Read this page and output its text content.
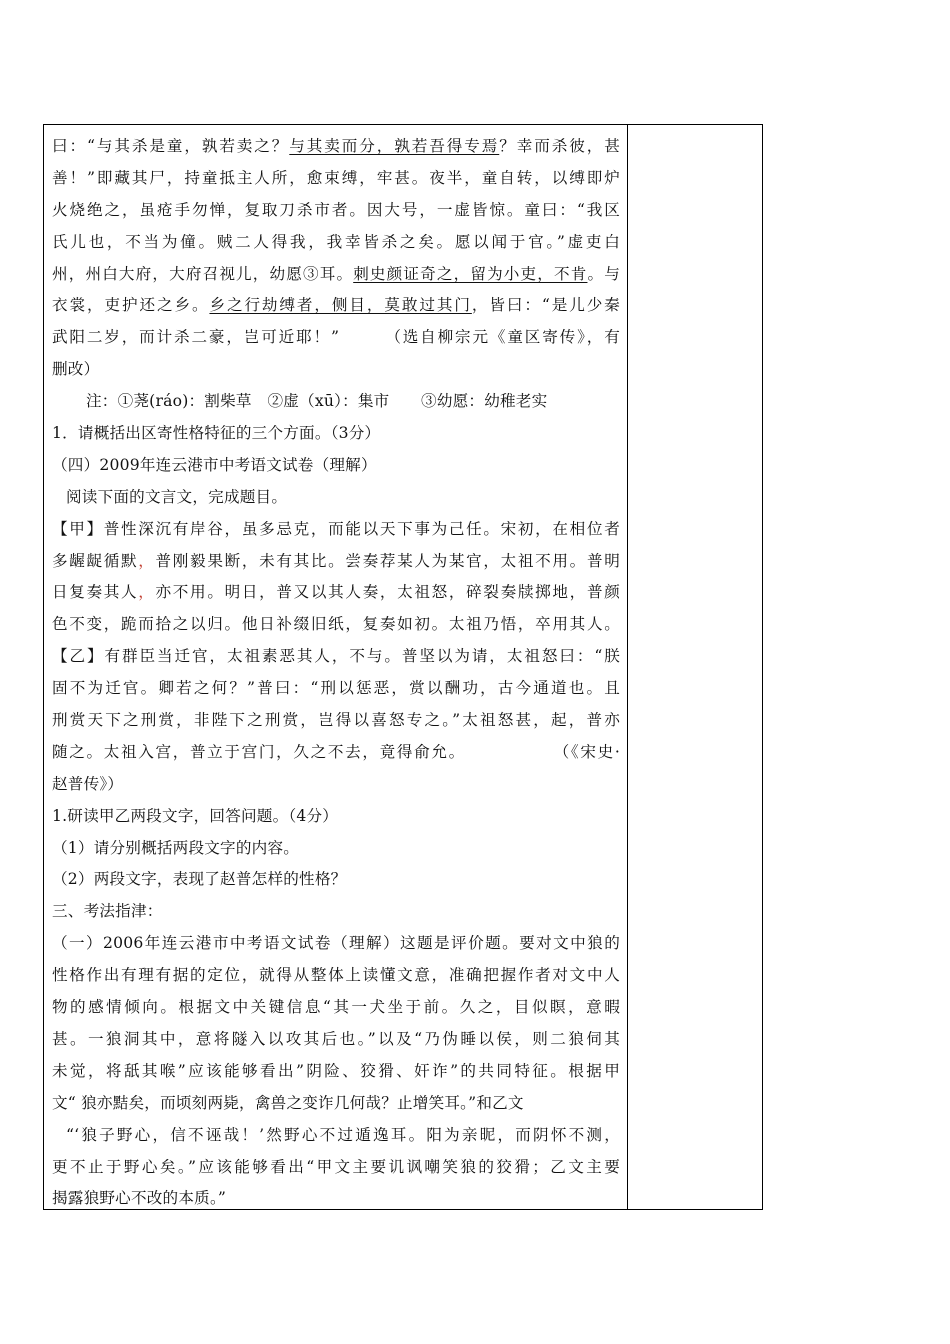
曰：“与其杀是童，孰若卖之？与其卖而分，孰若吾得专焉？幸而杀彼，甚
善！”即藏其尸，持童抵主人所，愈束缚，牢甚。夜半，童自转，以缚即炉
火烧绝之，虽疮手勿惮，复取刀杀市者。因大号，一虚皆惊。童曰：“我区
氏儿也，不当为僮。贼二人得我，我幸皆杀之矣。愿以闻于官。”虚吏白
州，州白大府，大府召视儿，幼愿③耳。刺史颜证奇之，留为小吏，不肯。与
衣裳，吏护还之乡。乡之行劫缚者，侧目，莫敢过其门，皆曰：“是儿少秦
武阳二岁，而计杀二豪，岂可近耶！”　　　（选自柳宗元《童区寄传》，有
删改）
注：①荛(ráo)：割柴草　②虚（xū）：集市　　③幼愿：幼稚老实
1．请概括出区寄性格特征的三个方面。（3分）
（四）2009年连云港市中考语文试卷（理解）
阅读下面的文言文，完成题目。
【甲】普性深沉有岸谷，虽多忌克，而能以天下事为己任。宋初，在相位者
多龌龊循默，普刚毅果断，未有其比。尝奏荐某人为某官，太祖不用。普明
日复奏其人，亦不用。明日，普又以其人奏，太祖怒，碎裂奏牍掷地，普颜
色不变，跪而拾之以归。他日补缀旧纸，复奏如初。太祖乃悟，卒用其人。
【乙】有群臣当迁官，太祖素恶其人，不与。普坚以为请，太祖怒曰：“朕
固不为迁官。卿若之何？”普曰：“刑以惩恶，赏以酬功，古今通道也。且
刑赏天下之刑赏，非陛下之刑赏，岂得以喜怒专之。”太祖怒甚，起，普亦
随之。太祖入宫，普立于宫门，久之不去，竟得俞允。　　　　　　（《宋史·
赵普传》）
1.研读甲乙两段文字，回答问题。（4分）
（1）请分别概括两段文字的内容。
（2）两段文字，表现了赵普怎样的性格？
三、考法指津：
（一）2006年连云港市中考语文试卷（理解）这题是评价题。要对文中狼的
性格作出有理有据的定位，就得从整体上读懂文意，准确把握作者对文中人
物的感情倾向。根据文中关键信息“其一犬坐于前。久之，目似瞑，意暇
甚。一狼洞其中，意将隧入以攻其后也。”以及“乃伪睡以侯，则二狼伺其
未觉，将舐其喉”应该能够看出”阴险、狡猾、奸诈”的共同特征。根据甲
文“ 狼亦黠矣，而顷刻两毙，禽兽之变诈几何哉？止增笑耳。”和乙文
“‘狼子野心，信不诬哉！’然野心不过遁逸耳。阳为亲昵，而阴怀不测，
更不止于野心矣。”应该能够看出“甲文主要讥讽嘲笑狼的狡猾；乙文主要
揭露狼野心不改的本质。”
